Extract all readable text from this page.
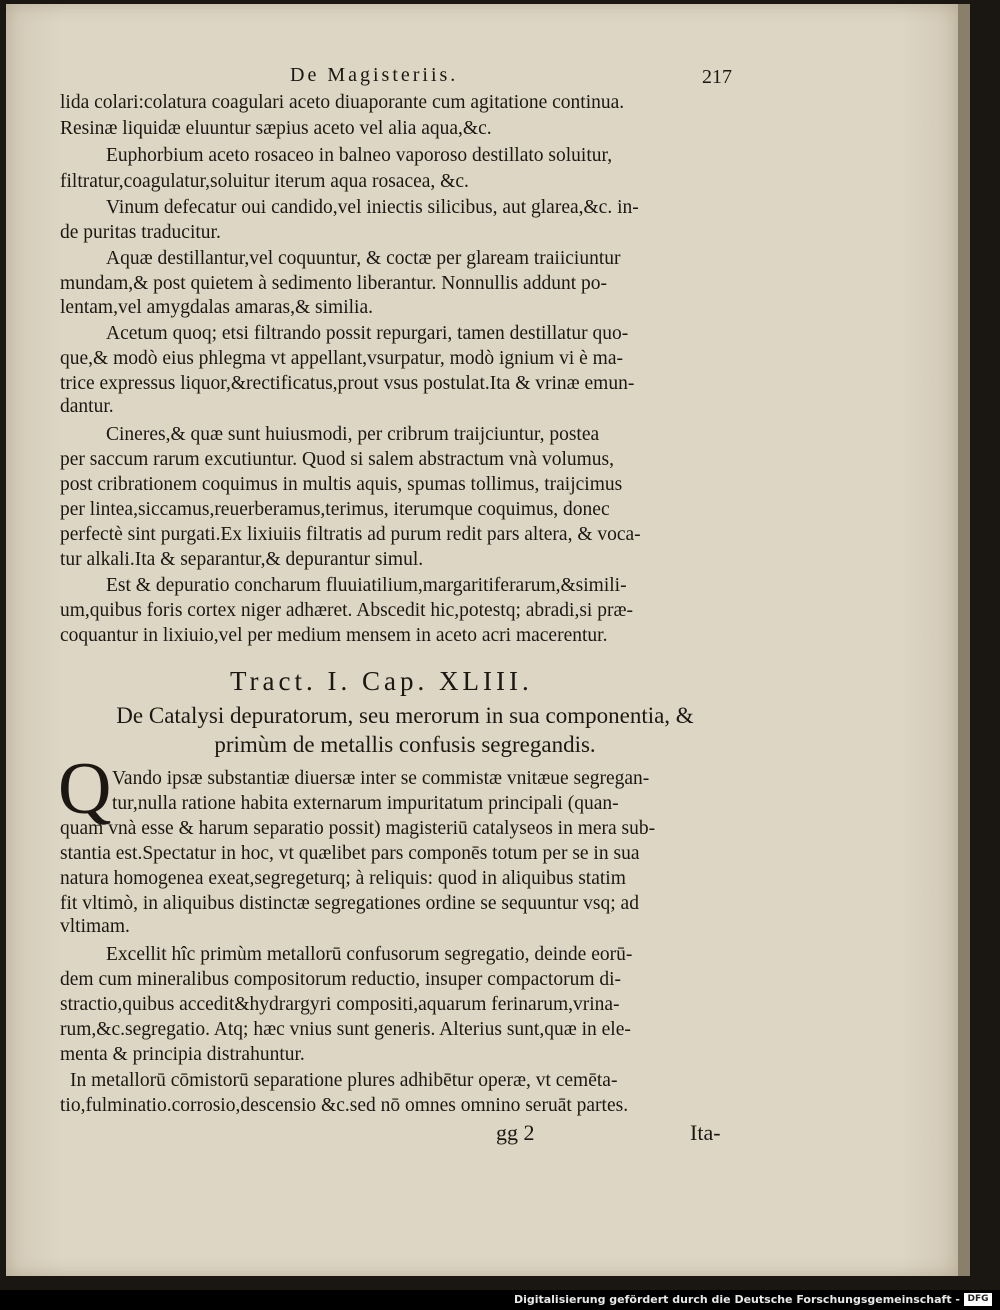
De Magisteriis.	217
lida colari:colatura coagulari aceto diuaporante cum agitatione continua.
Resinæ liquidæ eluuntur sæpius aceto vel alia aqua,&c.
Euphorbium aceto rosaceo in balneo vaporoso destillato soluitur,
filtratur,coagulatur,soluitur iterum aqua rosacea, &c.
Vinum defecatur oui candido,vel iniectis silicibus, aut glarea,&c. in-
de puritas traducitur.
Aquæ destillantur,vel coquuntur, & coctæ per glaream traiiciuntur
mundam,& post quietem à sedimento liberantur. Nonnullis addunt po-
lentam,vel amygdalas amaras,& similia.
Acetum quoq; etsi filtrando possit repurgari, tamen destillatur quo-
que,& modò eius phlegma vt appellant,vsurpatur, modò ignium vi è ma-
trice expressus liquor,&rectificatus,prout vsus postulat.Ita & vrinæ emun-
dantur.
Cineres,& quæ sunt huiusmodi, per cribrum traijciuntur, postea
per saccum rarum excutiuntur. Quod si salem abstractum vnà volumus,
post cribrationem coquimus in multis aquis, spumas tollimus, traijcimus
per lintea,siccamus,reuerberamus,terimus, iterumque coquimus, donec
perfectè sint purgati.Ex lixiuiis filtratis ad purum redit pars altera, & voca-
tur alkali.Ita & separantur,& depurantur simul.
Est & depuratio concharum fluuiatilium,margaritiferarum,&simili-
um,quibus foris cortex niger adhæret. Abscedit hic,potestq; abradi,si præ-
coquantur in lixiuio,vel per medium mensem in aceto acri macerentur.
Tract. I. Cap. XLIII.
De Catalysi depuratorum, seu merorum in sua componentia, &
primùm de metallis confusis segregandis.
Q Vando ipsæ substantiæ diuersæ inter se commistæ vnitæue segregan-
tur,nulla ratione habita externarum impuritatum principali (quan-
quam vnà esse & harum separatio possit) magisteriū catalyseos in mera sub-
stantia est.Spectatur in hoc, vt quælibet pars componēs totum per se in sua
natura homogenea exeat,segregeturq; à reliquis: quod in aliquibus statim
fit vltimò, in aliquibus distinctæ segregationes ordine se sequuntur vsq; ad
vltimam.
Excellit hîc primùm metallorū confusorum segregatio, deinde eorū-
dem cum mineralibus compositorum reductio, insuper compactorum di-
stractio,quibus accedit&hydrargyri compositi,aquarum ferinarum,vrina-
rum,&c.segregatio. Atq; hæc vnius sunt generis. Alterius sunt,quæ in ele-
menta & principia distrahuntur.
In metallorū cōmistorū separatione plures adhibētur operæ, vt cemēta-
tio,fulminatio.corrosio,descensio &c.sed nō omnes omnino seruāt partes.
gg 2	Ita-
Digitalisierung gefördert durch die Deutsche Forschungsgemeinschaft - DFG
